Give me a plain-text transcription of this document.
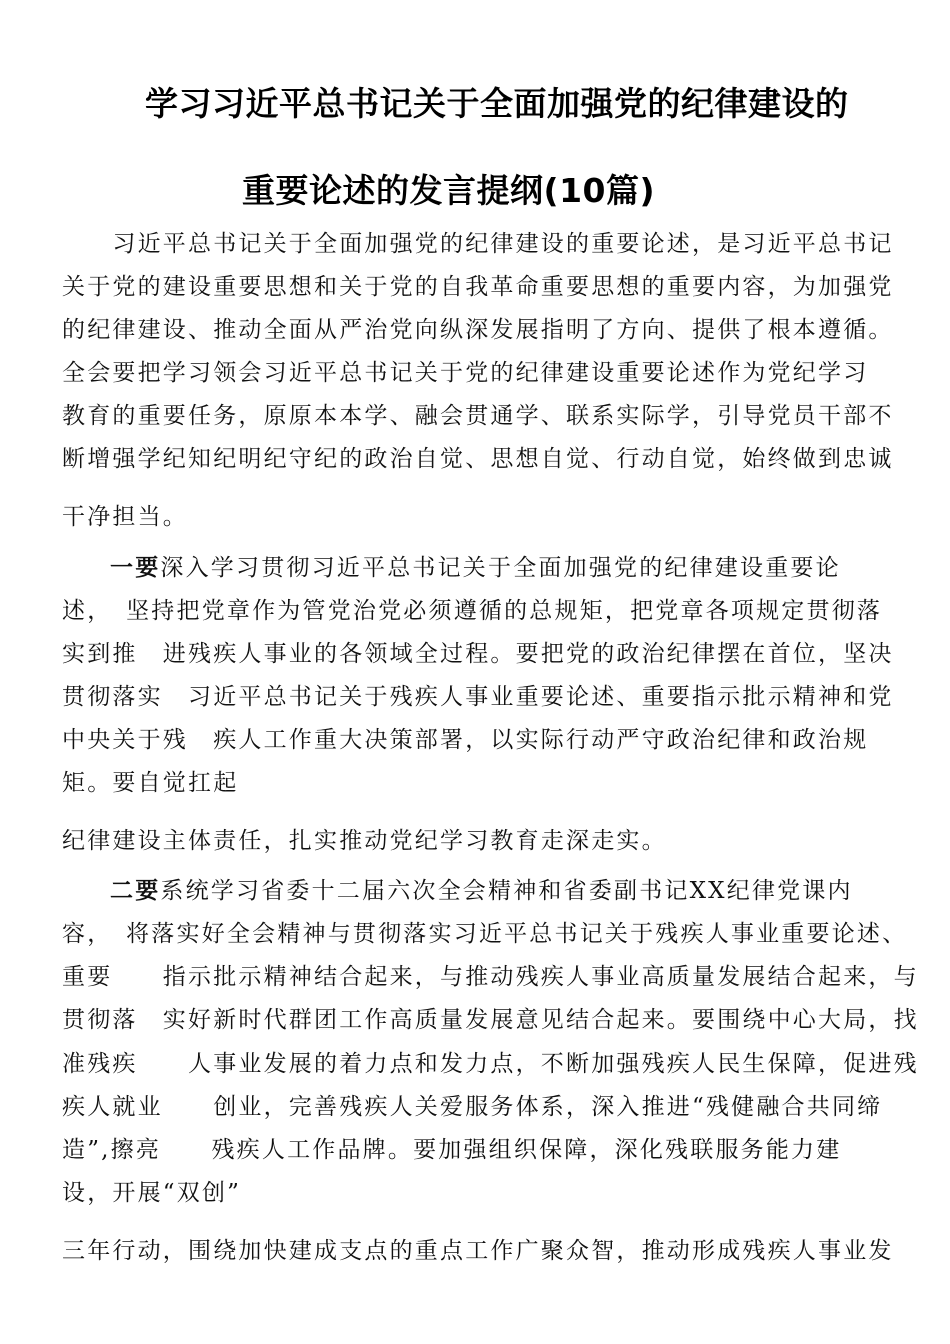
学习习近平总书记关于全面加强党的纪律建设的
重要论述的发言提纲(10篇)
　　习近平总书记关于全面加强党的纪律建设的重要论述，是习近平总书记
关于党的建设重要思想和关于党的自我革命重要思想的重要内容，为加强党
的纪律建设、推动全面从严治党向纵深发展指明了方向、提供了根本遵循。
全会要把学习领会习近平总书记关于党的纪律建设重要论述作为党纪学习
教育的重要任务，原原本本学、融会贯通学、联系实际学，引导党员干部不
断增强学纪知纪明纪守纪的政治自觉、思想自觉、行动自觉，始终做到忠诚
干净担当。
一要深入学习贯彻习近平总书记关于全面加强党的纪律建设重要论
述，　坚持把党章作为管党治党必须遵循的总规矩，把党章各项规定贯彻落
实到推　进残疾人事业的各领域全过程。要把党的政治纪律摆在首位，坚决
贯彻落实　习近平总书记关于残疾人事业重要论述、重要指示批示精神和党
中央关于残　疾人工作重大决策部署，以实际行动严守政治纪律和政治规
矩。要自觉扛起
纪律建设主体责任，扎实推动党纪学习教育走深走实。
二要系统学习省委十二届六次全会精神和省委副书记XX纪律党课内
容，　将落实好全会精神与贯彻落实习近平总书记关于残疾人事业重要论述、
重要　　指示批示精神结合起来，与推动残疾人事业高质量发展结合起来，与
贯彻落　实好新时代群团工作高质量发展意见结合起来。要围绕中心大局，找
准残疾　　人事业发展的着力点和发力点，不断加强残疾人民生保障，促进残
疾人就业　　创业，完善残疾人关爱服务体系，深入推进“残健融合共同缔
造”,擦亮　　残疾人工作品牌。要加强组织保障，深化残联服务能力建
设，开展“双创”
三年行动，围绕加快建成支点的重点工作广聚众智，推动形成残疾人事业发
